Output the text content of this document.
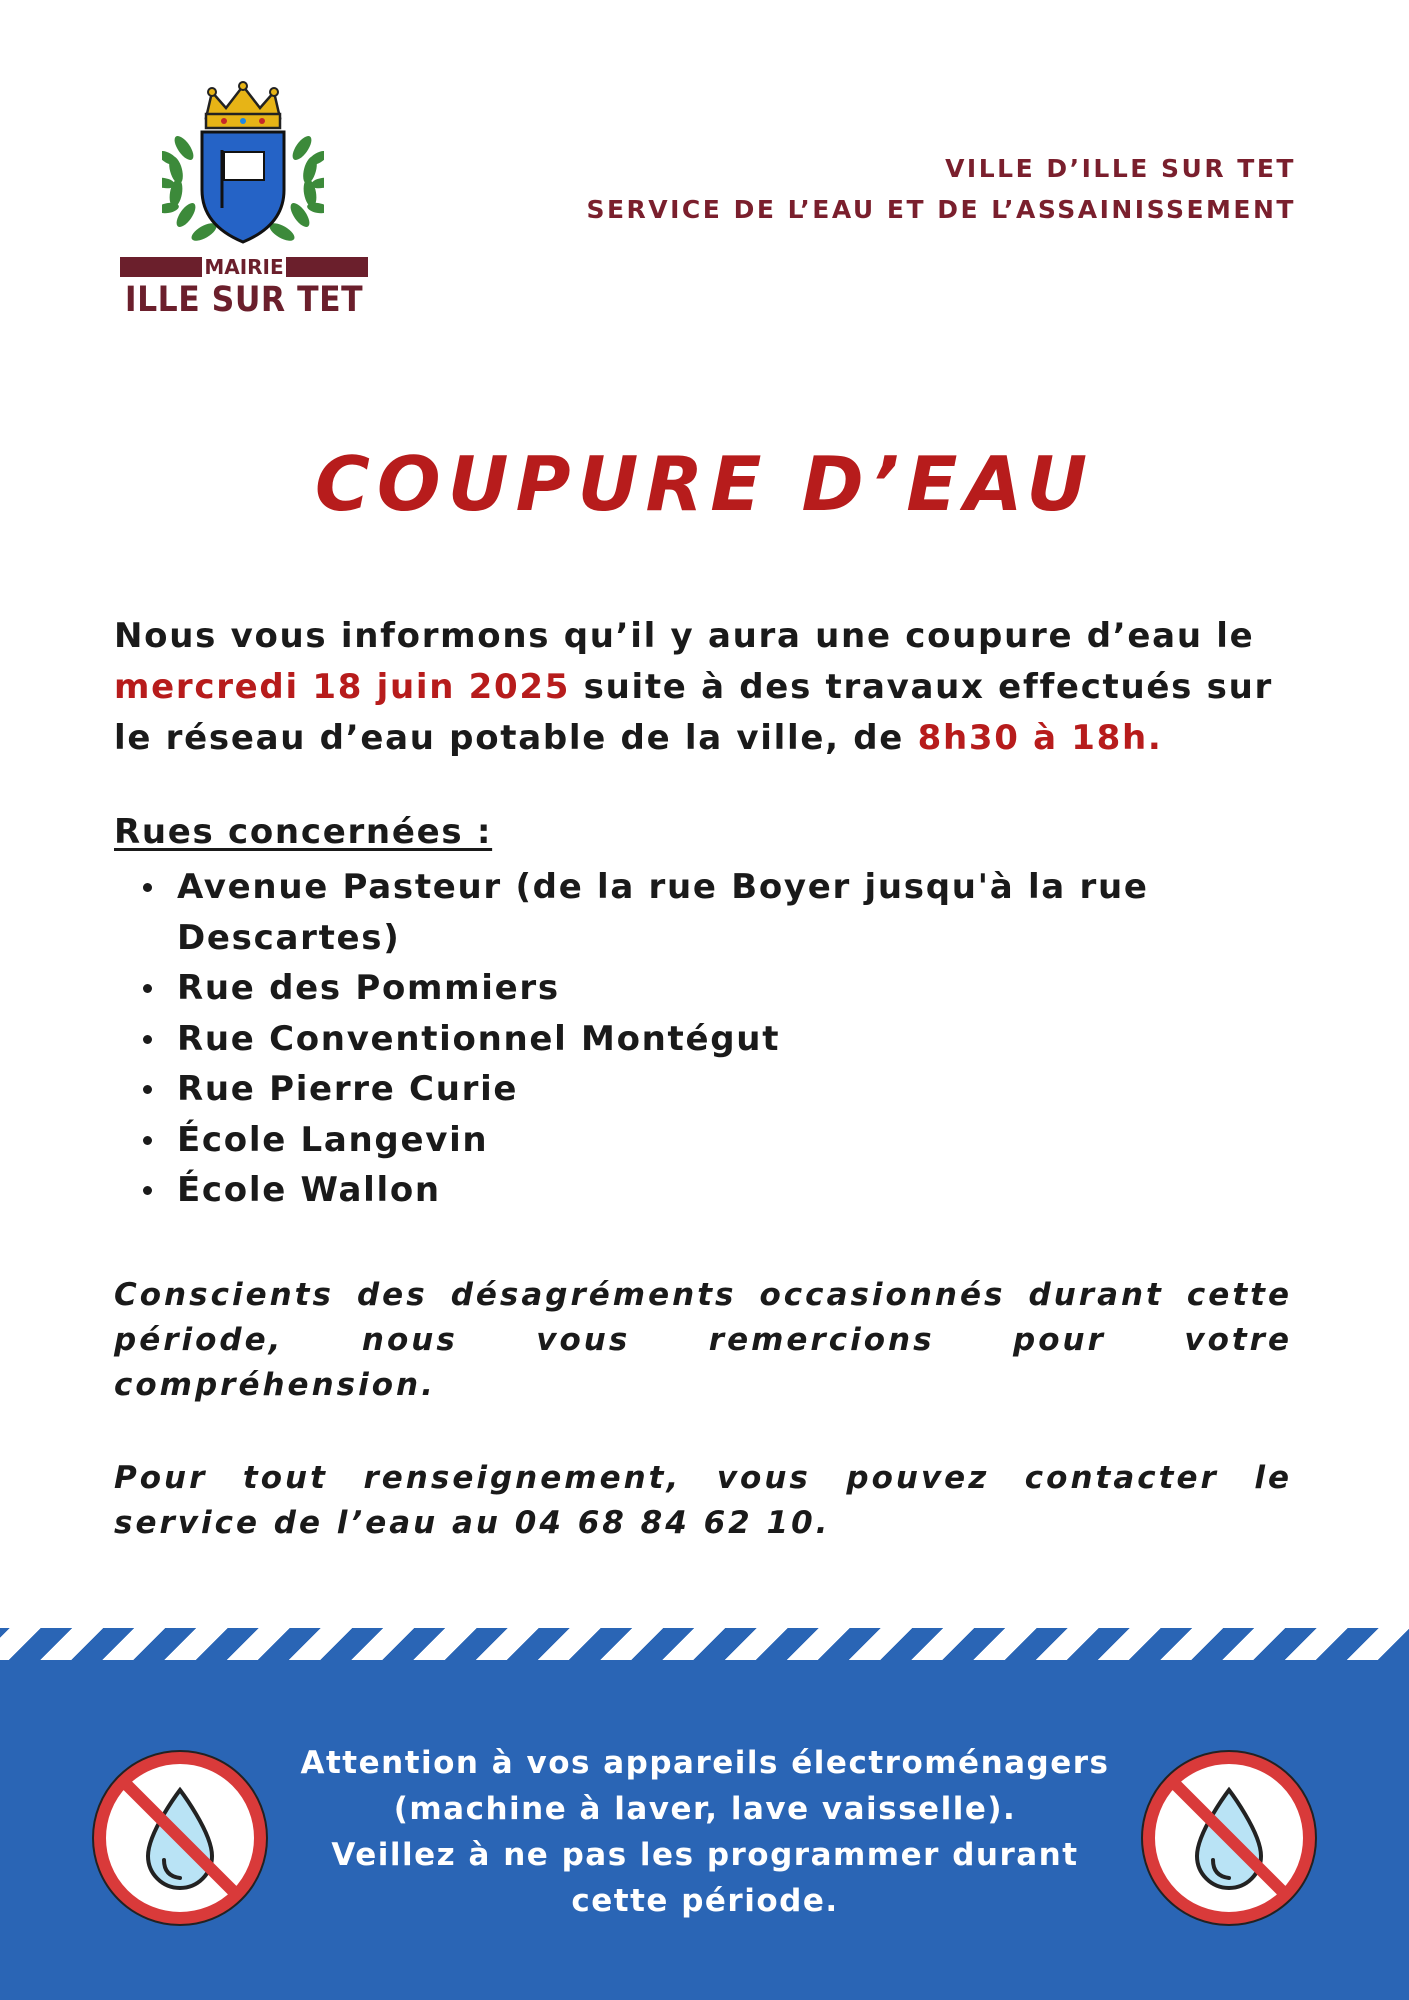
MAIRIE
ILLE SUR TET
VILLE D’ILLE SUR TET
SERVICE DE L’EAU ET DE L’ASSAINISSEMENT
COUPURE D’EAU
Nous vous informons qu’il y aura une coupure d’eau le mercredi 18 juin 2025 suite à des travaux effectués sur le réseau d’eau potable de la ville, de 8h30 à 18h.
Rues concernées :
Avenue Pasteur (de la rue Boyer jusqu'à la rue Descartes)
Rue des Pommiers
Rue Conventionnel Montégut
Rue Pierre Curie
École Langevin
École Wallon
Conscients des désagréments occasionnés durant cette période, nous vous remercions pour votre compréhension.
Pour tout renseignement, vous pouvez contacter le service de l’eau au 04 68 84 62 10.
Attention à vos appareils électroménagers
(machine à laver, lave vaisselle).
Veillez à ne pas les programmer durant
cette période.
